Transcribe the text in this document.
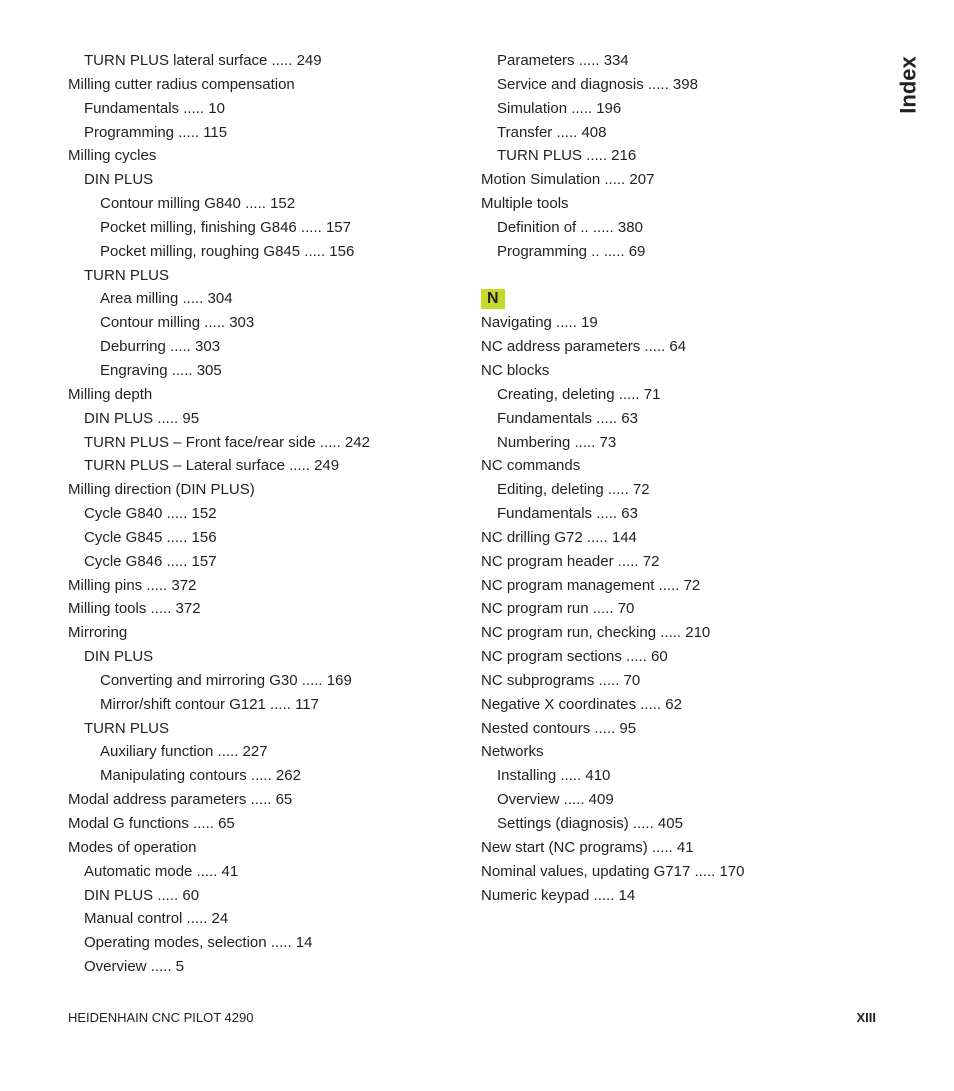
TURN PLUS lateral surface ..... 249
Milling cutter radius compensation
Fundamentals ..... 10
Programming ..... 115
Milling cycles
DIN PLUS
Contour milling G840 ..... 152
Pocket milling, finishing G846 ..... 157
Pocket milling, roughing G845 ..... 156
TURN PLUS
Area milling ..... 304
Contour milling ..... 303
Deburring ..... 303
Engraving ..... 305
Milling depth
DIN PLUS ..... 95
TURN PLUS – Front face/rear side ..... 242
TURN PLUS – Lateral surface ..... 249
Milling direction (DIN PLUS)
Cycle G840 ..... 152
Cycle G845 ..... 156
Cycle G846 ..... 157
Milling pins ..... 372
Milling tools ..... 372
Mirroring
DIN PLUS
Converting and mirroring G30 ..... 169
Mirror/shift contour G121 ..... 117
TURN PLUS
Auxiliary function ..... 227
Manipulating contours ..... 262
Modal address parameters ..... 65
Modal G functions ..... 65
Modes of operation
Automatic mode ..... 41
DIN PLUS ..... 60
Manual control ..... 24
Operating modes, selection ..... 14
Overview ..... 5
Parameters ..... 334
Service and diagnosis ..... 398
Simulation ..... 196
Transfer ..... 408
TURN PLUS ..... 216
Motion Simulation ..... 207
Multiple tools
Definition of .. ..... 380
Programming .. ..... 69
N
Navigating ..... 19
NC address parameters ..... 64
NC blocks
Creating, deleting ..... 71
Fundamentals ..... 63
Numbering ..... 73
NC commands
Editing, deleting ..... 72
Fundamentals ..... 63
NC drilling G72 ..... 144
NC program header ..... 72
NC program management ..... 72
NC program run ..... 70
NC program run, checking ..... 210
NC program sections ..... 60
NC subprograms ..... 70
Negative X coordinates ..... 62
Nested contours ..... 95
Networks
Installing ..... 410
Overview ..... 409
Settings (diagnosis) ..... 405
New start (NC programs) ..... 41
Nominal values, updating G717 ..... 170
Numeric keypad ..... 14
Index
HEIDENHAIN CNC PILOT 4290	XIII
